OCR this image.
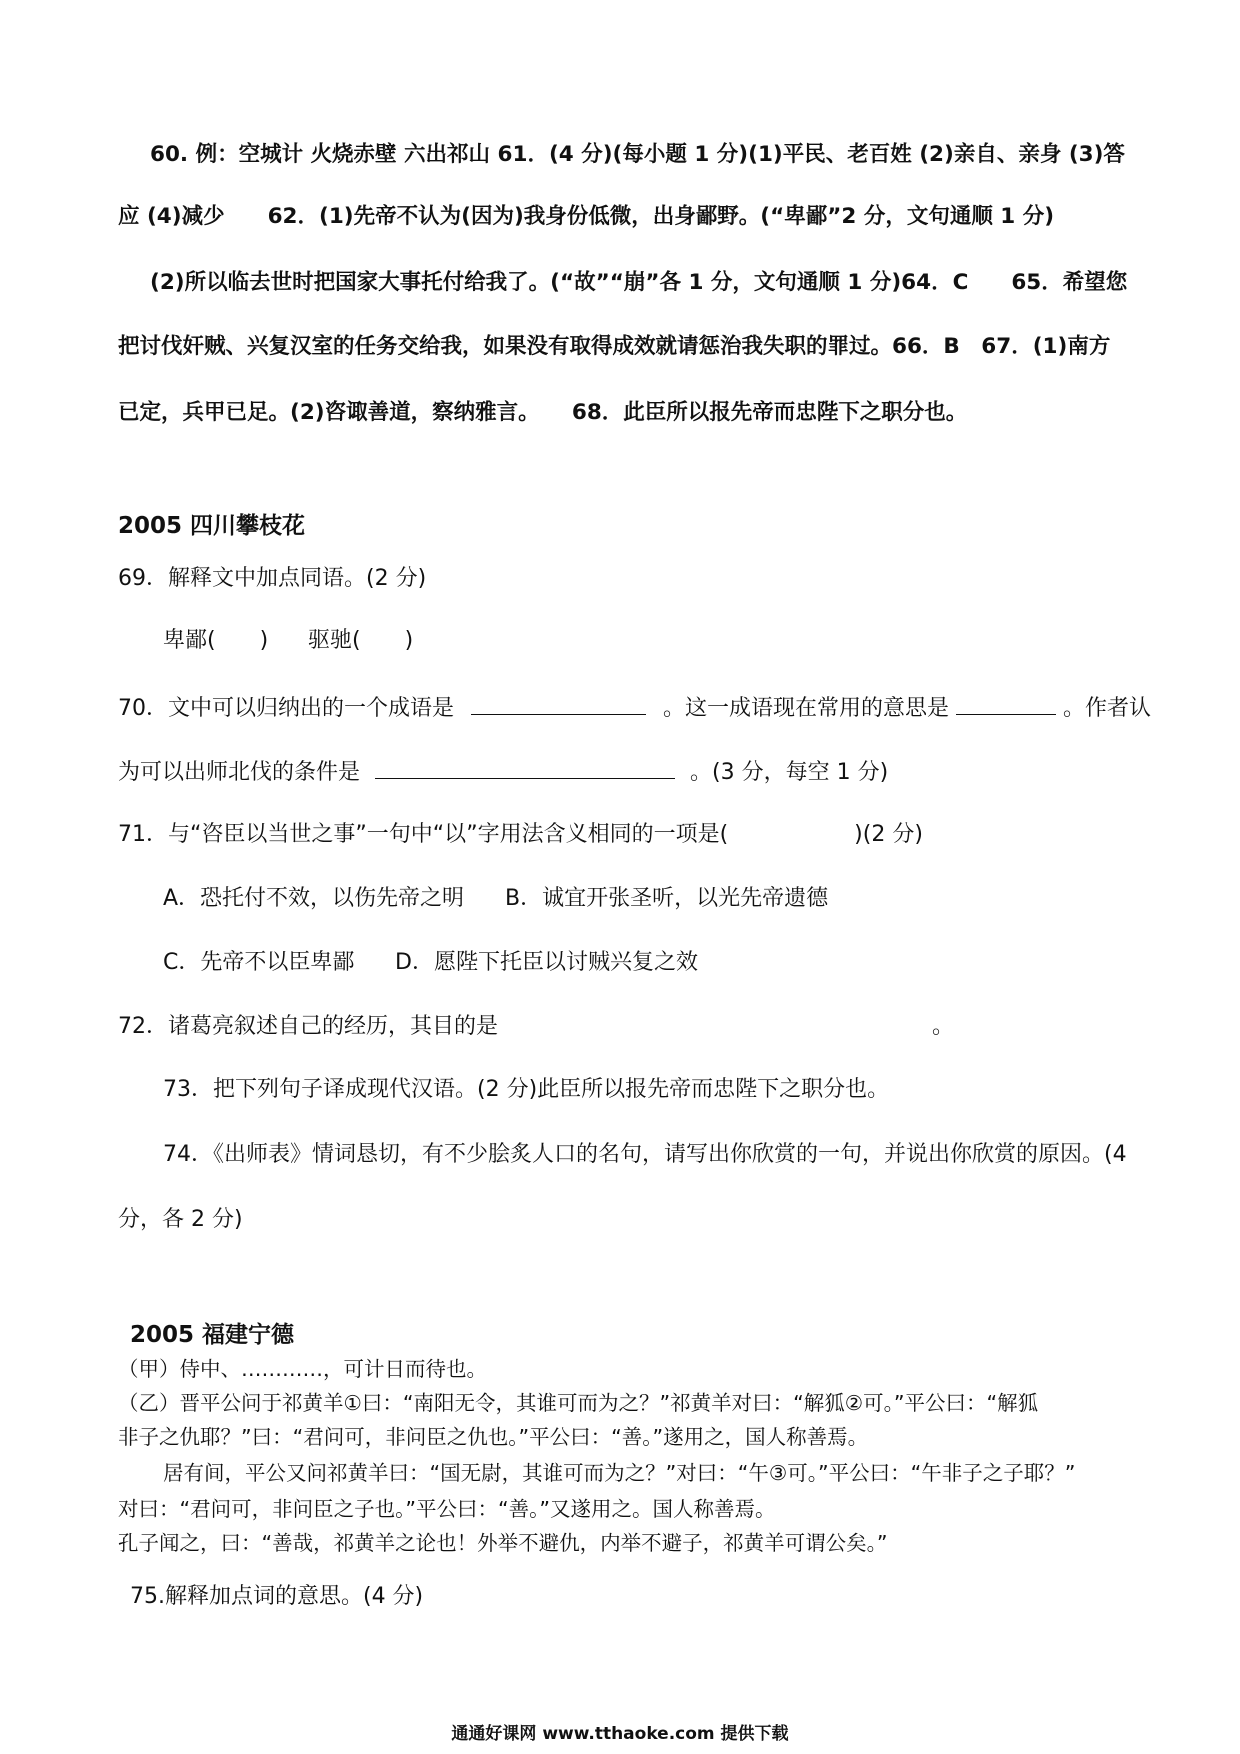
60. 例：空城计 火烧赤壁 六出祁山 61．(4 分)(每小题 1 分)(1)平民、老百姓 (2)亲自、亲身 (3)答
应 (4)减少　　62．(1)先帝不认为(因为)我身份低微，出身鄙野。(“卑鄙”2 分，文句通顺 1 分)
(2)所以临去世时把国家大事托付给我了。(“故”“崩”各 1 分，文句通顺 1 分)64．C　　65．希望您
把讨伐奸贼、兴复汉室的任务交给我，如果没有取得成效就请惩治我失职的罪过。66．B　67．(1)南方
已定，兵甲已足。(2)咨诹善道，察纳雅言。　　68．此臣所以报先帝而忠陛下之职分也。
2005 四川攀枝花
69．解释文中加点同语。(2 分)
卑鄙(　　) 驱驰(　　)
70．文中可以归纳出的一个成语是	。这一成语现在常用的意思是	。作者认
为可以出师北伐的条件是	。(3 分，每空 1 分)
71．与“咨臣以当世之事”一句中“以”字用法含义相同的一项是(	)(2 分)
A．恐托付不效，以伤先帝之明 B．诚宜开张圣听，以光先帝遗德
C．先帝不以臣卑鄙 D．愿陛下托臣以讨贼兴复之效
72．诸葛亮叙述自己的经历，其目的是	。
73．把下列句子译成现代汉语。(2 分)此臣所以报先帝而忠陛下之职分也。
74．《出师表》情词恳切，有不少脍炙人口的名句，请写出你欣赏的一句，并说出你欣赏的原因。(4
分，各 2 分)
2005 福建宁德
（甲）侍中、…………，可计日而待也。
（乙）晋平公问于祁黄羊①曰：“南阳无令，其谁可而为之？”祁黄羊对曰：“解狐②可。”平公曰：“解狐
非子之仇耶？”曰：“君问可，非问臣之仇也。”平公曰：“善。”遂用之，国人称善焉。
居有间，平公又问祁黄羊曰：“国无尉，其谁可而为之？”对曰：“午③可。”平公曰：“午非子之子耶？”
对曰：“君问可，非问臣之子也。”平公曰：“善。”又遂用之。国人称善焉。
孔子闻之，曰：“善哉，祁黄羊之论也！外举不避仇，内举不避子，祁黄羊可谓公矣。”
75.解释加点词的意思。(4 分)
通通好课网 www.tthaoke.com 提供下载
